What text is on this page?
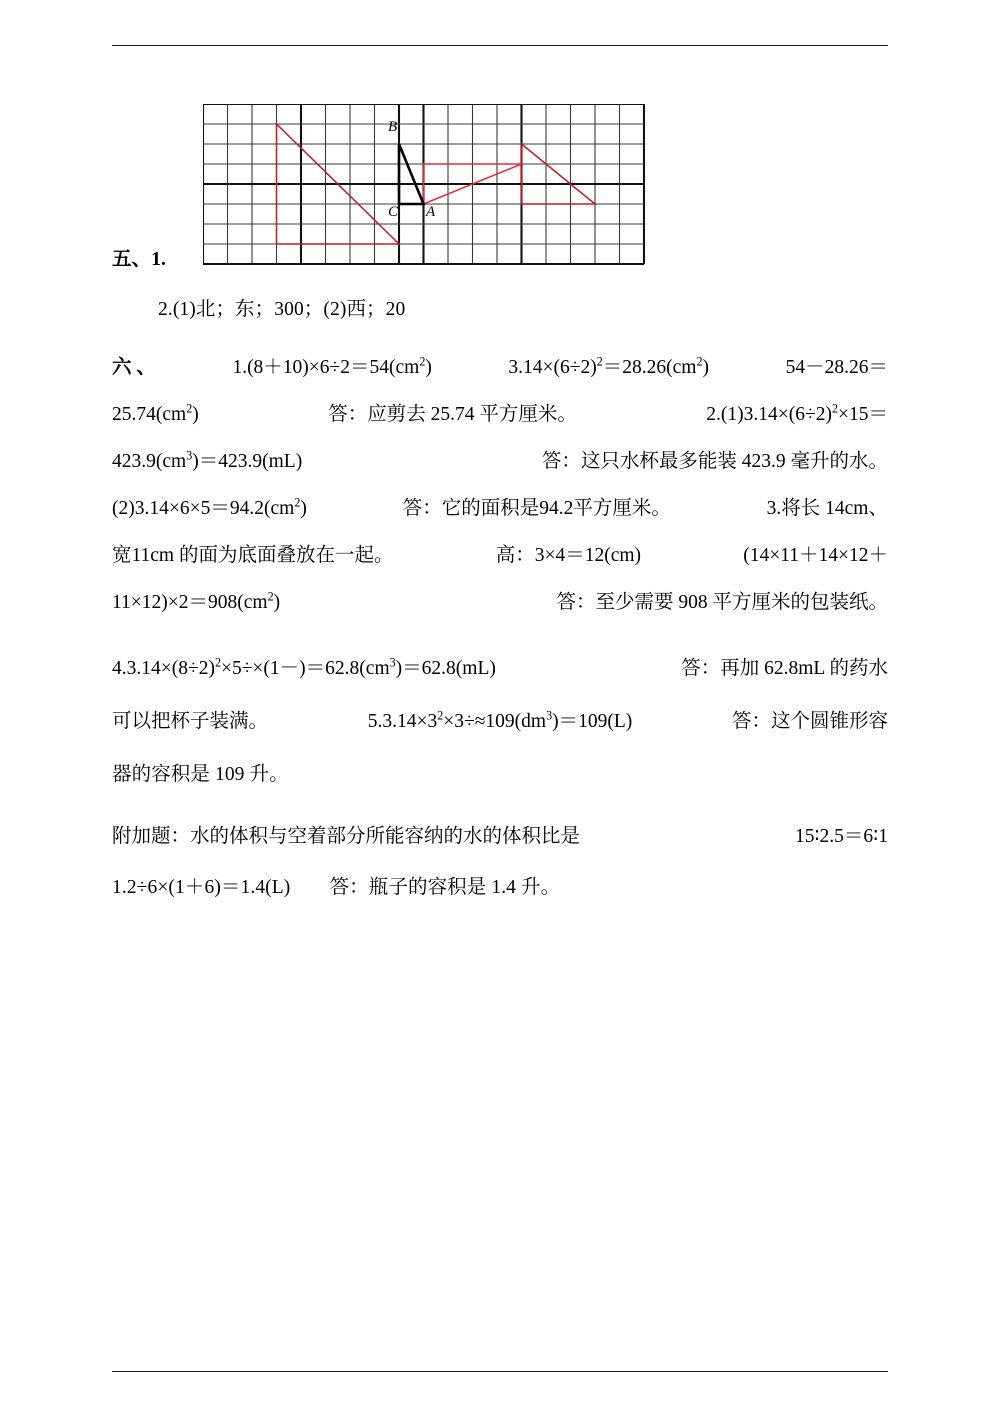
B
C A
五、1.
2.(1)北；东；300；(2)西；20
六 、	$1.(8+10)\times 6\div 2=54(cm^2)$	$3.14\times(6\div 2)^2=28.26(cm^2)$	54－28.26＝
$25.74(cm^2)$	答：应剪去 25.74 平方厘米。	$2.(1)3.14\times(6\div 2)^2\times 15=$
$423.9(cm^3)=423.9(mL)$	答：这只水杯最多能装 423.9 毫升的水。
$(2)3.14\times 6\times 5=94.2(cm^2)$	答：它的面积是94.2平方厘米。	3.将长 14cm、
宽11cm 的面为底面叠放在一起。	高：3×4＝12(cm)	(14×11＋14×12＋
$11\times 12)\times 2=908(cm^2)$	答：至少需要 908 平方厘米的包装纸。
$4.3.14\times(8\div 2)^2\times 5\div\times(1-)=62.8(cm^3)=62.8(mL)$	答：再加 62.8mL 的药水
可以把杯子装满。	$5.3.14\times 3^2\times 3\div\approx 109(dm^3)=109(L)$	答：这个圆锥形容
器的容积是 109 升。
附加题：水的体积与空着部分所能容纳的水的体积比是	15∶2.5＝6∶1
1.2÷6×(1＋6)＝1.4(L)　　答：瓶子的容积是 1.4 升。
